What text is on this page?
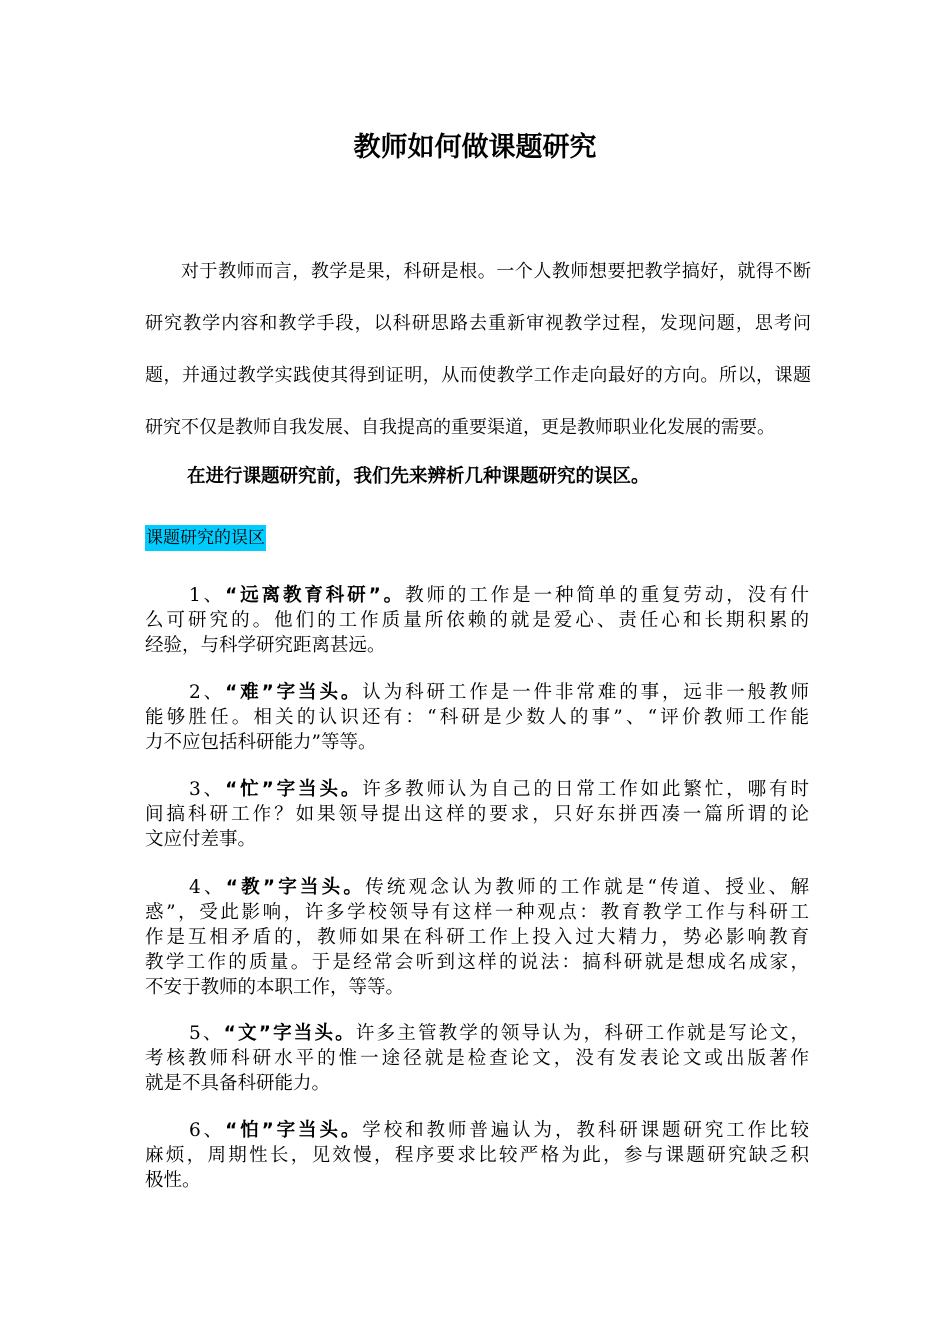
教师如何做课题研究
对于教师而言，教学是果，科研是根。一个人教师想要把教学搞好，就得不断
研究教学内容和教学手段，以科研思路去重新审视教学过程，发现问题，思考问
题，并通过教学实践使其得到证明，从而使教学工作走向最好的方向。所以，课题
研究不仅是教师自我发展、自我提高的重要渠道，更是教师职业化发展的需要。
在进行课题研究前，我们先来辨析几种课题研究的误区。
课题研究的误区
1、“远离教育科研”。教师的工作是一种简单的重复劳动，没有什
么可研究的。他们的工作质量所依赖的就是爱心、责任心和长期积累的
经验，与科学研究距离甚远。
2、“难”字当头。认为科研工作是一件非常难的事，远非一般教师
能够胜任。相关的认识还有：“科研是少数人的事”、“评价教师工作能
力不应包括科研能力”等等。
3、“忙”字当头。许多教师认为自己的日常工作如此繁忙，哪有时
间搞科研工作？如果领导提出这样的要求，只好东拼西凑一篇所谓的论
文应付差事。
4、“教”字当头。传统观念认为教师的工作就是“传道、授业、解
惑”，受此影响，许多学校领导有这样一种观点：教育教学工作与科研工
作是互相矛盾的，教师如果在科研工作上投入过大精力，势必影响教育
教学工作的质量。于是经常会听到这样的说法：搞科研就是想成名成家，
不安于教师的本职工作，等等。
5、“文”字当头。许多主管教学的领导认为，科研工作就是写论文，
考核教师科研水平的惟一途径就是检查论文，没有发表论文或出版著作
就是不具备科研能力。
6、“怕”字当头。学校和教师普遍认为，教科研课题研究工作比较
麻烦，周期性长，见效慢，程序要求比较严格为此，参与课题研究缺乏积
极性。
